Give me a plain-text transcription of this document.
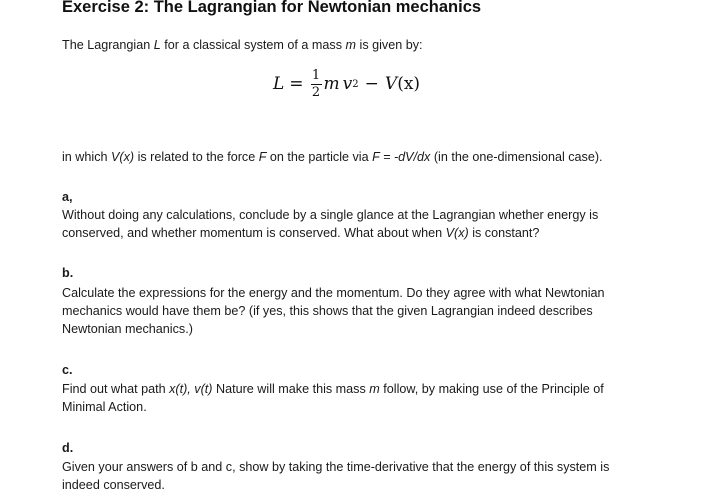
Exercise 2: The Lagrangian for Newtonian mechanics
The Lagrangian L for a classical system of a mass m is given by:
$L = \frac{1}{2}$ m v 2 − V (x)
in which V(x) is related to the force F on the particle via F = -dV/dx (in the one-dimensional case).
a,
Without doing any calculations, conclude by a single glance at the Lagrangian whether energy is
conserved, and whether momentum is conserved. What about when V(x) is constant?
b.
Calculate the expressions for the energy and the momentum. Do they agree with what Newtonian
mechanics would have them be? (if yes, this shows that the given Lagrangian indeed describes
Newtonian mechanics.)
c.
Find out what path x(t), v(t) Nature will make this mass m follow, by making use of the Principle of
Minimal Action.
d.
Given your answers of b and c, show by taking the time-derivative that the energy of this system is
indeed conserved.
